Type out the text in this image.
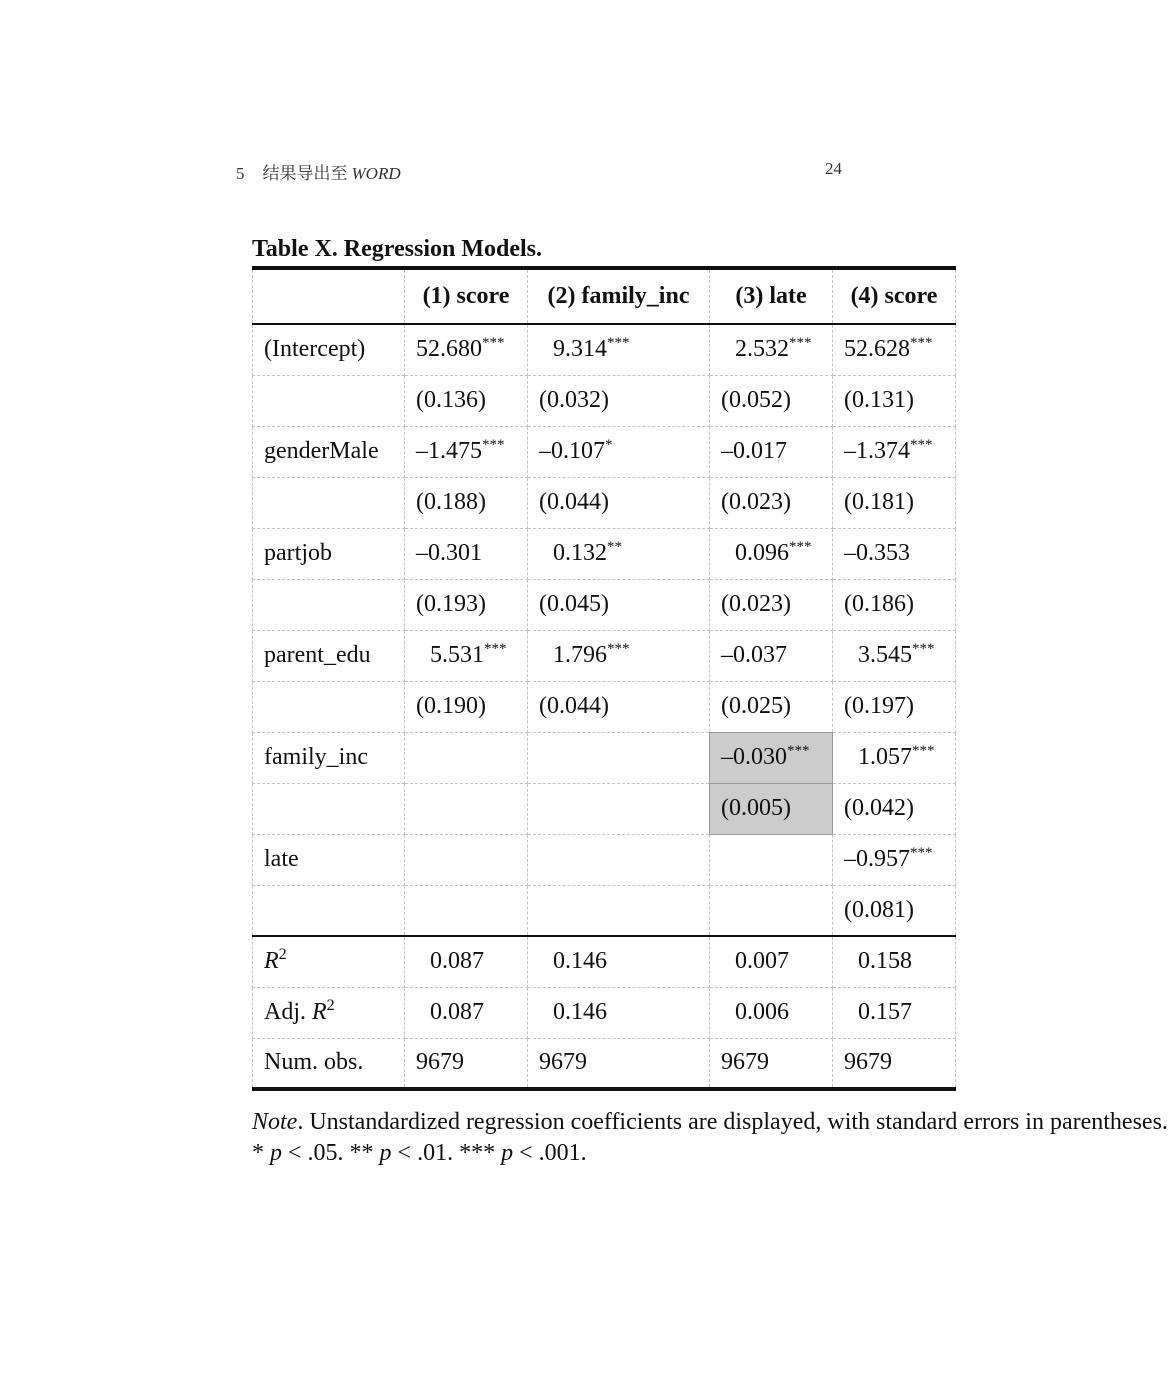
5 结果导出至 WORD	24
Table X. Regression Models.
	(1) score	(2) family_inc	(3) late	(4) score
(Intercept)	52.680***	9.314***	2.532***	52.628***
	(0.136)	(0.032)	(0.052)	(0.131)
genderMale	–1.475***	–0.107*	–0.017	–1.374***
	(0.188)	(0.044)	(0.023)	(0.181)
partjob	–0.301	0.132**	0.096***	–0.353
	(0.193)	(0.045)	(0.023)	(0.186)
parent_edu	5.531***	1.796***	–0.037	3.545***
	(0.190)	(0.044)	(0.025)	(0.197)
family_inc			–0.030***	1.057***
			(0.005)	(0.042)
late				–0.957***
				(0.081)
$R^2$	0.087	0.146	0.007	0.158
Adj. $R^2$	0.087	0.146	0.006	0.157
Num. obs.	9679	9679	9679	9679
Note. Unstandardized regression coefficients are displayed, with standard errors in parentheses.
* p < .05. ** p < .01. *** p < .001.
